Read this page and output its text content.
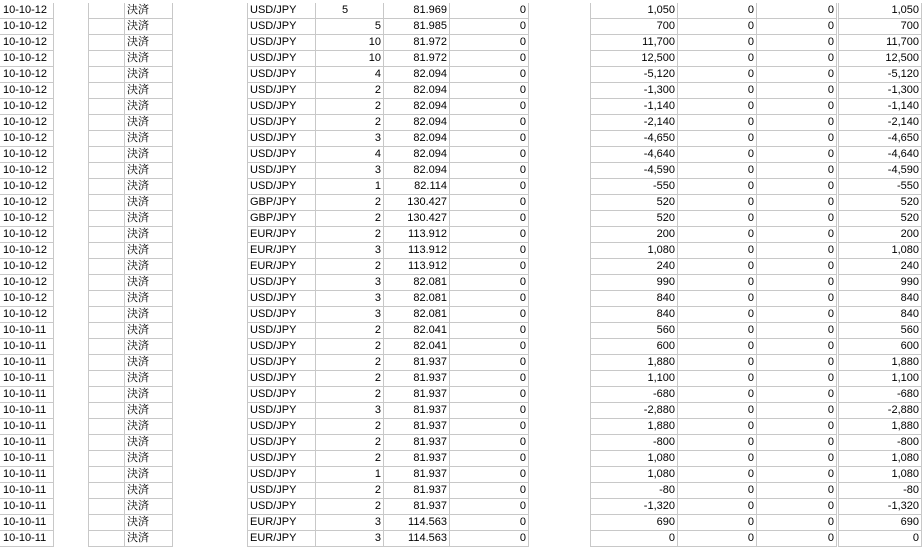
10-10-12	決済	USD/JPY	5	81.969	0	1,050	0	0	1,050
10-10-12	決済	USD/JPY	5	81.985	0	700	0	0	700
10-10-12	決済	USD/JPY	10	81.972	0	11,700	0	0	11,700
10-10-12	決済	USD/JPY	10	81.972	0	12,500	0	0	12,500
10-10-12	決済	USD/JPY	4	82.094	0	-5,120	0	0	-5,120
10-10-12	決済	USD/JPY	2	82.094	0	-1,300	0	0	-1,300
10-10-12	決済	USD/JPY	2	82.094	0	-1,140	0	0	-1,140
10-10-12	決済	USD/JPY	2	82.094	0	-2,140	0	0	-2,140
10-10-12	決済	USD/JPY	3	82.094	0	-4,650	0	0	-4,650
10-10-12	決済	USD/JPY	4	82.094	0	-4,640	0	0	-4,640
10-10-12	決済	USD/JPY	3	82.094	0	-4,590	0	0	-4,590
10-10-12	決済	USD/JPY	1	82.114	0	-550	0	0	-550
10-10-12	決済	GBP/JPY	2	130.427	0	520	0	0	520
10-10-12	決済	GBP/JPY	2	130.427	0	520	0	0	520
10-10-12	決済	EUR/JPY	2	113.912	0	200	0	0	200
10-10-12	決済	EUR/JPY	3	113.912	0	1,080	0	0	1,080
10-10-12	決済	EUR/JPY	2	113.912	0	240	0	0	240
10-10-12	決済	USD/JPY	3	82.081	0	990	0	0	990
10-10-12	決済	USD/JPY	3	82.081	0	840	0	0	840
10-10-12	決済	USD/JPY	3	82.081	0	840	0	0	840
10-10-11	決済	USD/JPY	2	82.041	0	560	0	0	560
10-10-11	決済	USD/JPY	2	82.041	0	600	0	0	600
10-10-11	決済	USD/JPY	2	81.937	0	1,880	0	0	1,880
10-10-11	決済	USD/JPY	2	81.937	0	1,100	0	0	1,100
10-10-11	決済	USD/JPY	2	81.937	0	-680	0	0	-680
10-10-11	決済	USD/JPY	3	81.937	0	-2,880	0	0	-2,880
10-10-11	決済	USD/JPY	2	81.937	0	1,880	0	0	1,880
10-10-11	決済	USD/JPY	2	81.937	0	-800	0	0	-800
10-10-11	決済	USD/JPY	2	81.937	0	1,080	0	0	1,080
10-10-11	決済	USD/JPY	1	81.937	0	1,080	0	0	1,080
10-10-11	決済	USD/JPY	2	81.937	0	-80	0	0	-80
10-10-11	決済	USD/JPY	2	81.937	0	-1,320	0	0	-1,320
10-10-11	決済	EUR/JPY	3	114.563	0	690	0	0	690
10-10-11	決済	EUR/JPY	3	114.563	0	0	0	0	0
